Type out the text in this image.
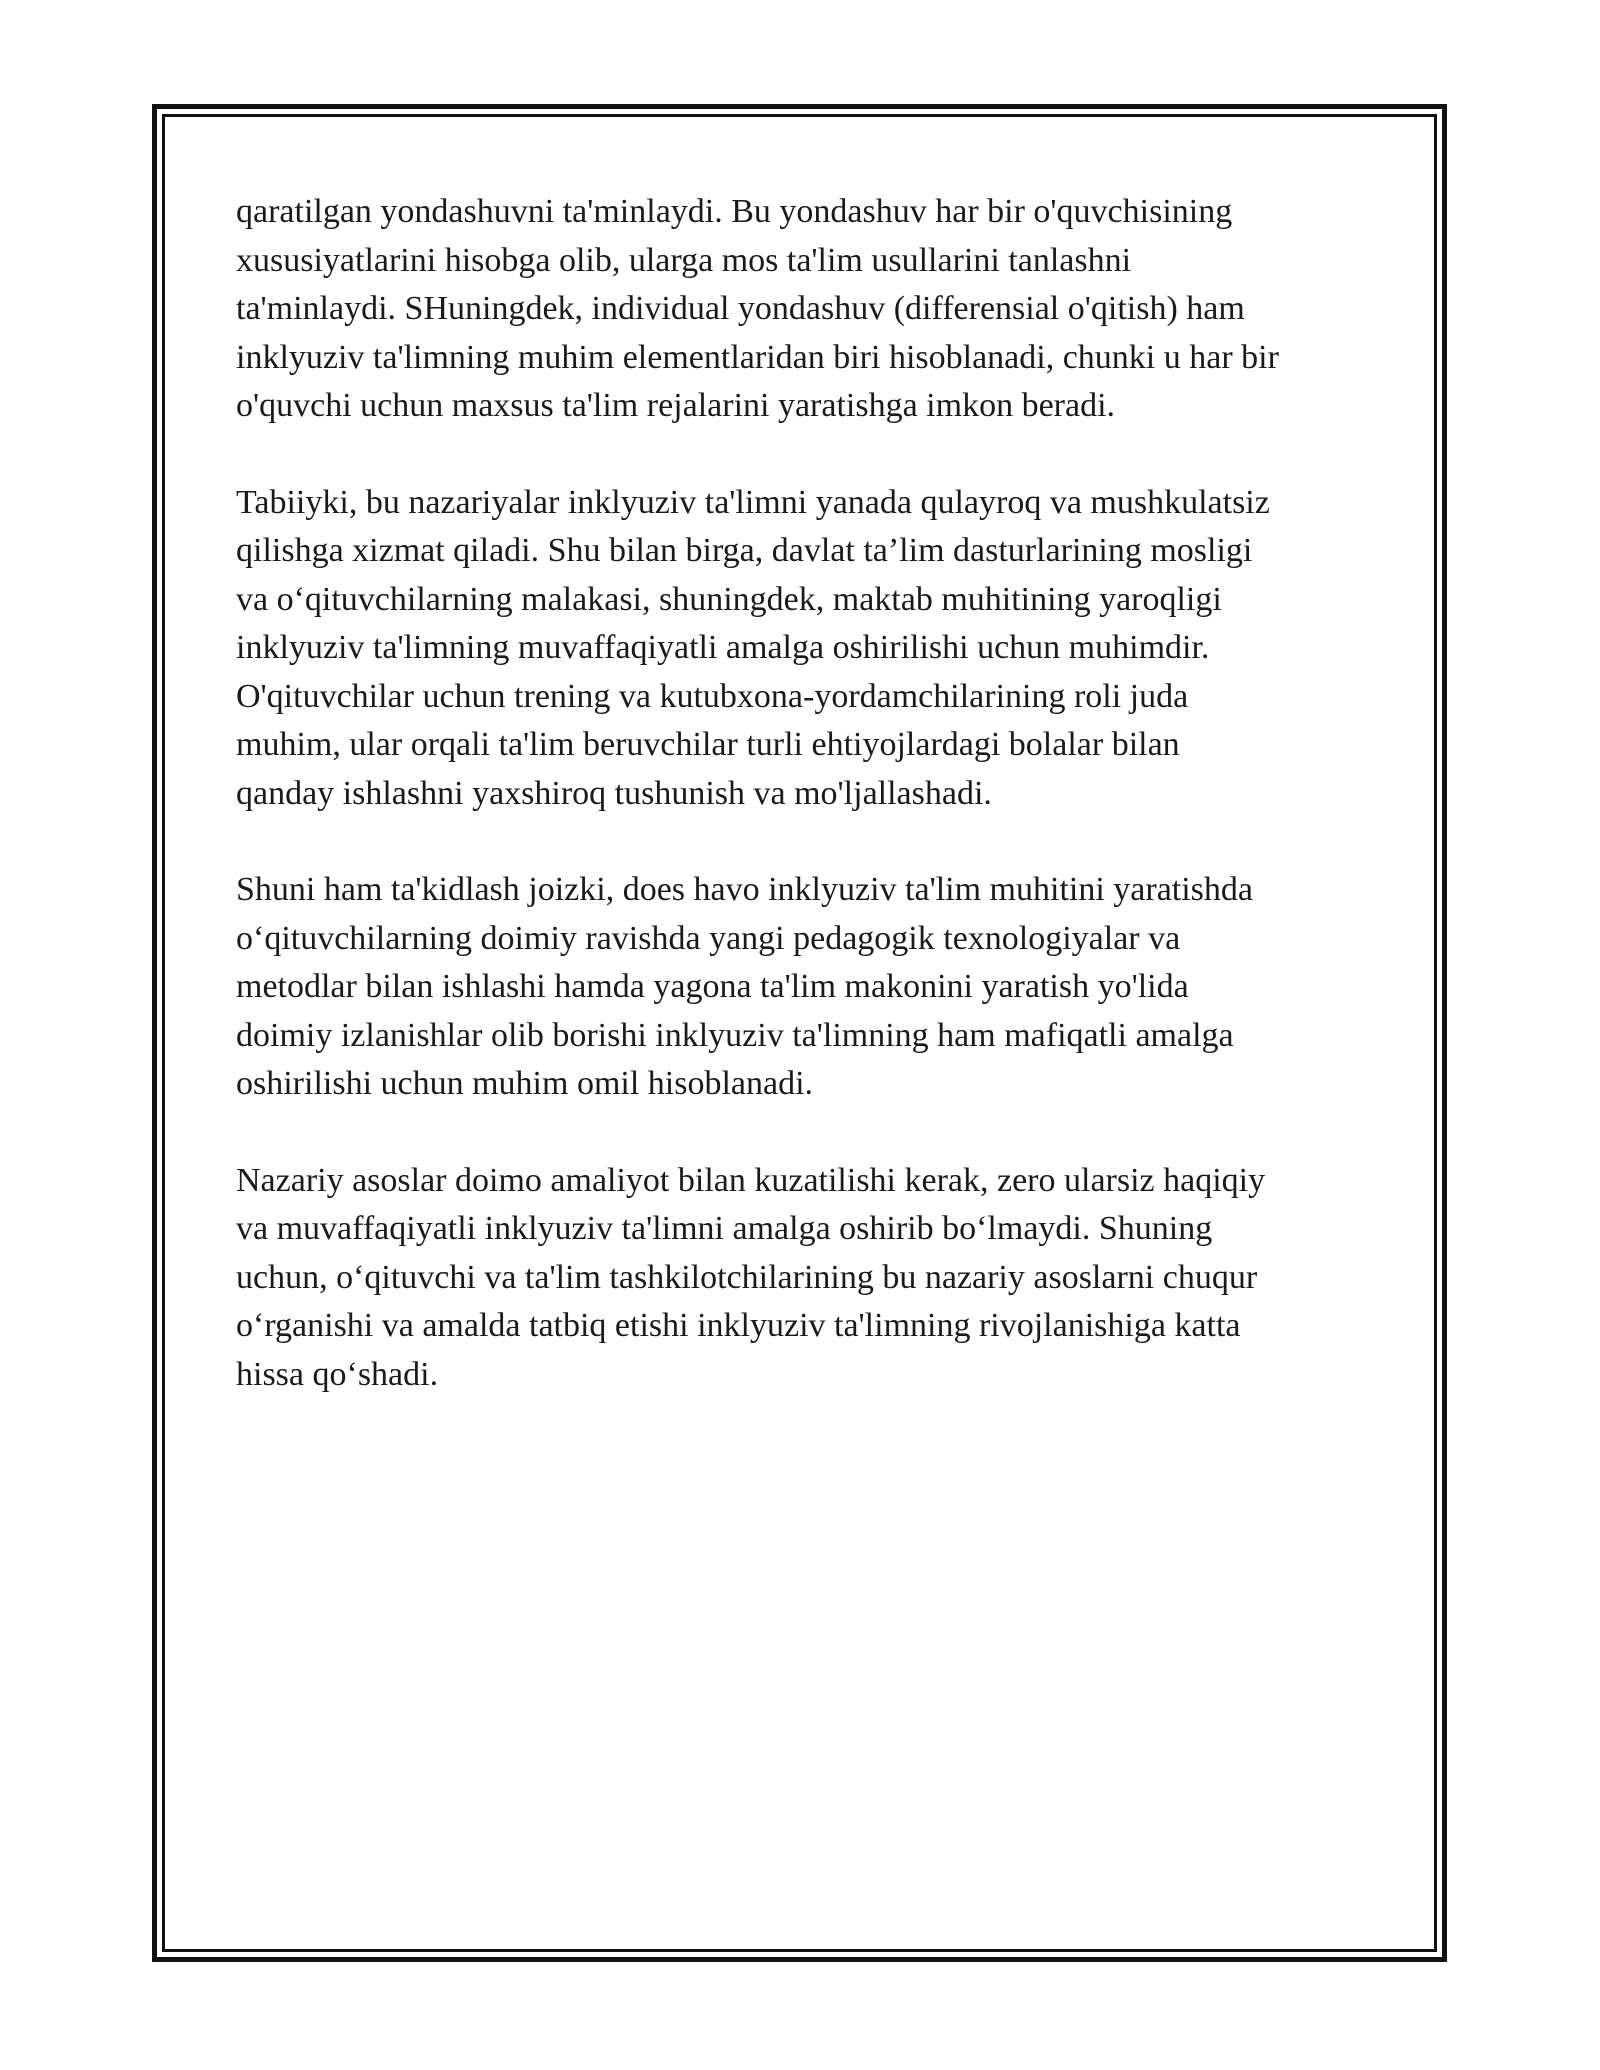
qaratilgan yondashuvni ta'minlaydi. Bu yondashuv har bir o'quvchisining
xususiyatlarini hisobga olib, ularga mos ta'lim usullarini tanlashni
ta'minlaydi. SHuningdek, individual yondashuv (differensial o'qitish) ham
inklyuziv ta'limning muhim elementlaridan biri hisoblanadi, chunki u har bir
o'quvchi uchun maxsus ta'lim rejalarini yaratishga imkon beradi.

Tabiiyki, bu nazariyalar inklyuziv ta'limni yanada qulayroq va mushkulatsiz
qilishga xizmat qiladi. Shu bilan birga, davlat ta’lim dasturlarining mosligi
va o‘qituvchilarning malakasi, shuningdek, maktab muhitining yaroqligi
inklyuziv ta'limning muvaffaqiyatli amalga oshirilishi uchun muhimdir.
O'qituvchilar uchun trening va kutubxona-yordamchilarining roli juda
muhim, ular orqali ta'lim beruvchilar turli ehtiyojlardagi bolalar bilan
qanday ishlashni yaxshiroq tushunish va mo'ljallashadi.

Shuni ham ta'kidlash joizki, does havo inklyuziv ta'lim muhitini yaratishda
o‘qituvchilarning doimiy ravishda yangi pedagogik texnologiyalar va
metodlar bilan ishlashi hamda yagona ta'lim makonini yaratish yo'lida
doimiy izlanishlar olib borishi inklyuziv ta'limning ham mafiqatli amalga
oshirilishi uchun muhim omil hisoblanadi.

Nazariy asoslar doimo amaliyot bilan kuzatilishi kerak, zero ularsiz haqiqiy
va muvaffaqiyatli inklyuziv ta'limni amalga oshirib bo‘lmaydi. Shuning
uchun, o‘qituvchi va ta'lim tashkilotchilarining bu nazariy asoslarni chuqur
o‘rganishi va amalda tatbiq etishi inklyuziv ta'limning rivojlanishiga katta
hissa qo‘shadi.
